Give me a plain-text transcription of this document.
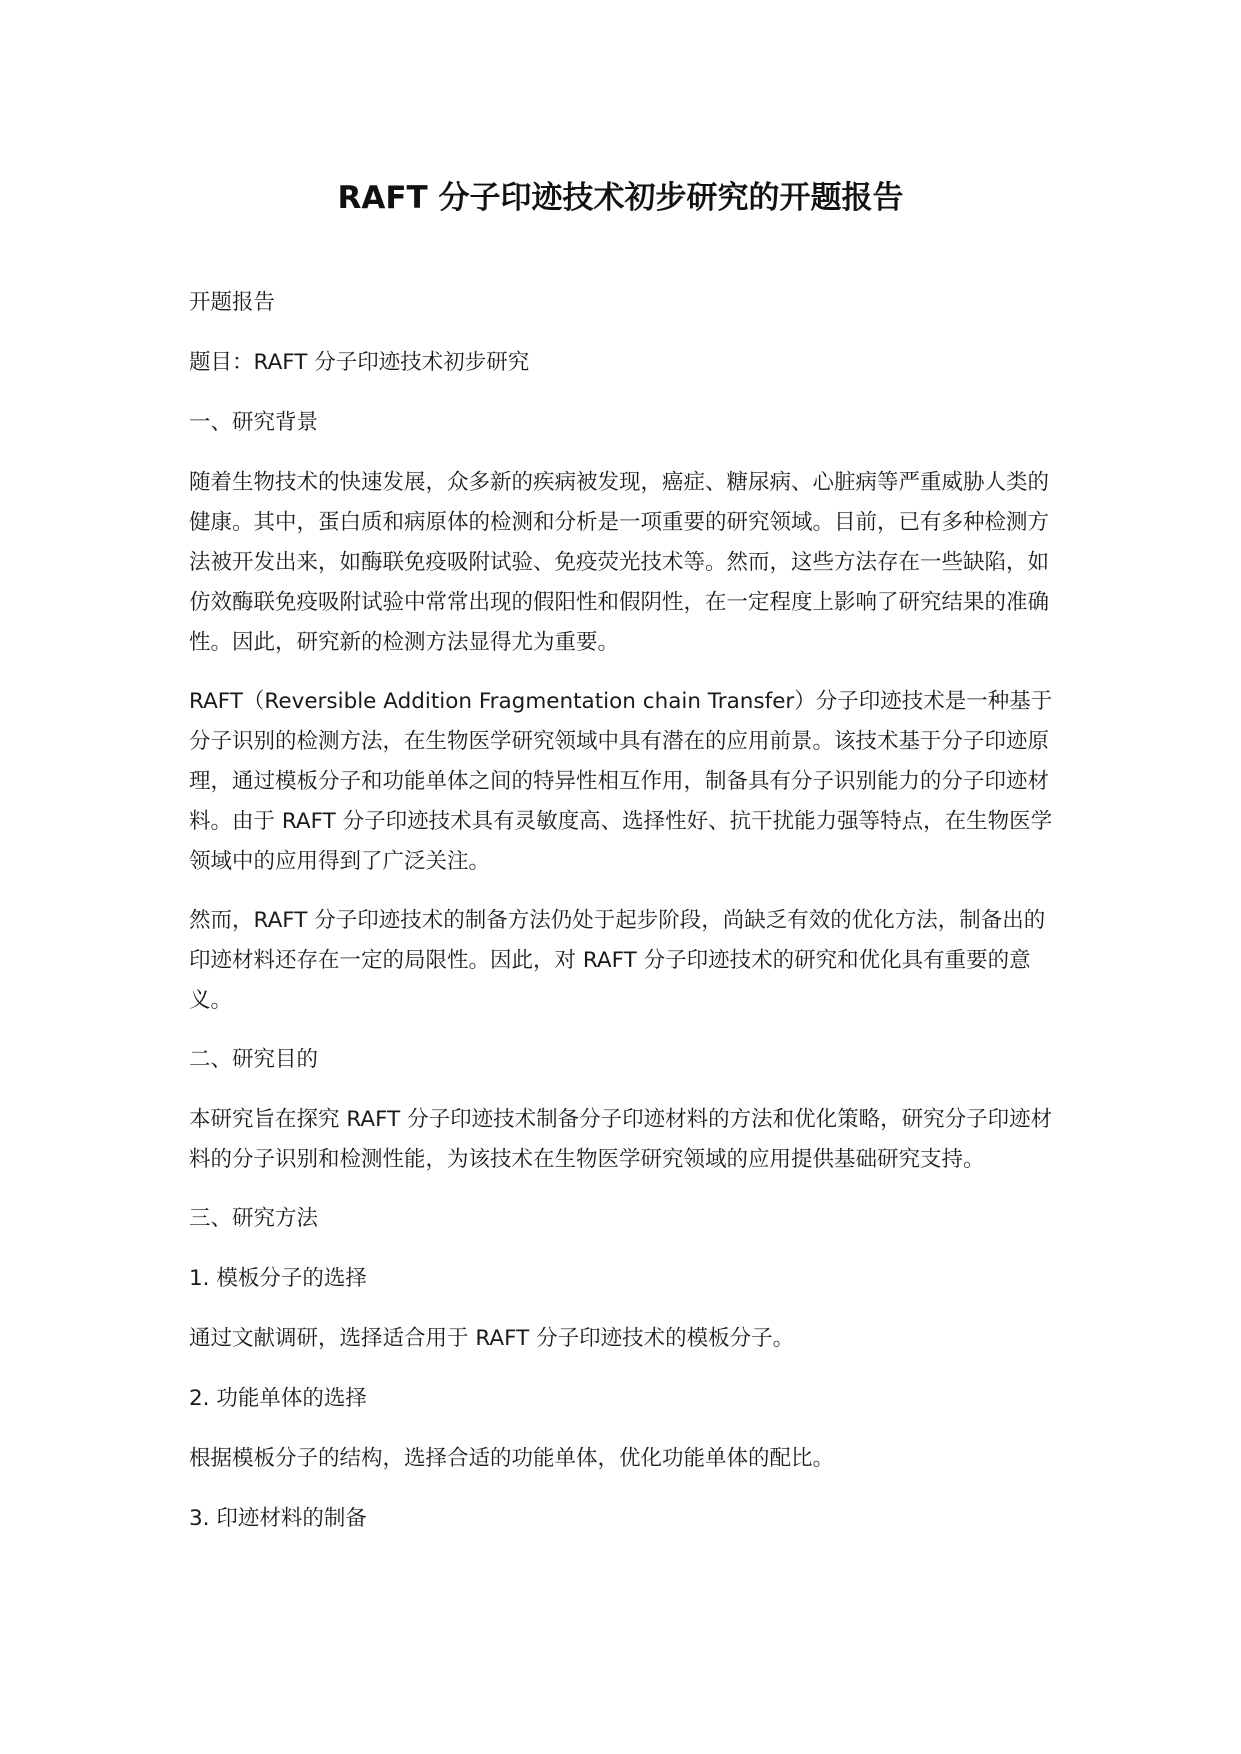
RAFT 分子印迹技术初步研究的开题报告

开题报告

题目：RAFT 分子印迹技术初步研究

一、研究背景

随着生物技术的快速发展，众多新的疾病被发现，癌症、糖尿病、心脏病等严重威胁人类的健康。其中，蛋白质和病原体的检测和分析是一项重要的研究领域。目前，已有多种检测方法被开发出来，如酶联免疫吸附试验、免疫荧光技术等。然而，这些方法存在一些缺陷，如仿效酶联免疫吸附试验中常常出现的假阳性和假阴性，在一定程度上影响了研究结果的准确性。因此，研究新的检测方法显得尤为重要。

RAFT（Reversible Addition Fragmentation chain Transfer）分子印迹技术是一种基于分子识别的检测方法，在生物医学研究领域中具有潜在的应用前景。该技术基于分子印迹原理，通过模板分子和功能单体之间的特异性相互作用，制备具有分子识别能力的分子印迹材料。由于 RAFT 分子印迹技术具有灵敏度高、选择性好、抗干扰能力强等特点，在生物医学领域中的应用得到了广泛关注。

然而，RAFT 分子印迹技术的制备方法仍处于起步阶段，尚缺乏有效的优化方法，制备出的印迹材料还存在一定的局限性。因此，对 RAFT 分子印迹技术的研究和优化具有重要的意义。

二、研究目的

本研究旨在探究 RAFT 分子印迹技术制备分子印迹材料的方法和优化策略，研究分子印迹材料的分子识别和检测性能，为该技术在生物医学研究领域的应用提供基础研究支持。

三、研究方法

1. 模板分子的选择

通过文献调研，选择适合用于 RAFT 分子印迹技术的模板分子。

2. 功能单体的选择

根据模板分子的结构，选择合适的功能单体，优化功能单体的配比。

3. 印迹材料的制备
